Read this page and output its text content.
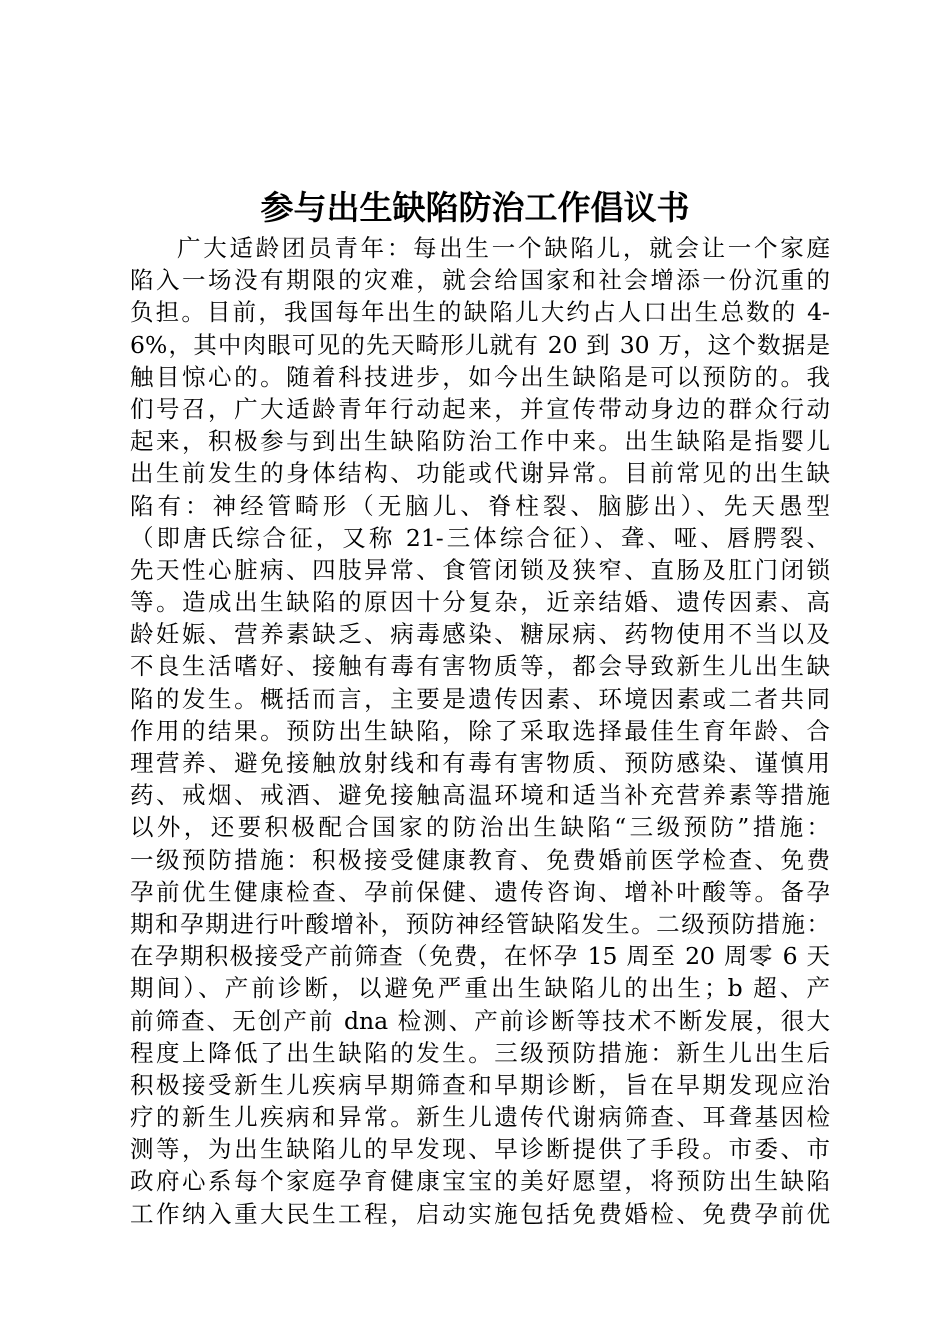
参与出生缺陷防治工作倡议书
广大适龄团员青年：每出生一个缺陷儿，就会让一个家庭
陷入一场没有期限的灾难，就会给国家和社会增添一份沉重的
负担。目前，我国每年出生的缺陷儿大约占人口出生总数的 4-
6%，其中肉眼可见的先天畸形儿就有 20 到 30 万，这个数据是
触目惊心的。随着科技进步，如今出生缺陷是可以预防的。我
们号召，广大适龄青年行动起来，并宣传带动身边的群众行动
起来，积极参与到出生缺陷防治工作中来。出生缺陷是指婴儿
出生前发生的身体结构、功能或代谢异常。目前常见的出生缺
陷有：神经管畸形（无脑儿、脊柱裂、脑膨出）、先天愚型
（即唐氏综合征，又称 21-三体综合征）、聋、哑、唇腭裂、
先天性心脏病、四肢异常、食管闭锁及狭窄、直肠及肛门闭锁
等。造成出生缺陷的原因十分复杂，近亲结婚、遗传因素、高
龄妊娠、营养素缺乏、病毒感染、糖尿病、药物使用不当以及
不良生活嗜好、接触有毒有害物质等，都会导致新生儿出生缺
陷的发生。概括而言，主要是遗传因素、环境因素或二者共同
作用的结果。预防出生缺陷，除了采取选择最佳生育年龄、合
理营养、避免接触放射线和有毒有害物质、预防感染、谨慎用
药、戒烟、戒酒、避免接触高温环境和适当补充营养素等措施
以外，还要积极配合国家的防治出生缺陷“三级预防”措施：
一级预防措施：积极接受健康教育、免费婚前医学检查、免费
孕前优生健康检查、孕前保健、遗传咨询、增补叶酸等。备孕
期和孕期进行叶酸增补，预防神经管缺陷发生。二级预防措施：
在孕期积极接受产前筛查（免费，在怀孕 15 周至 20 周零 6 天
期间）、产前诊断，以避免严重出生缺陷儿的出生；b 超、产
前筛查、无创产前 dna 检测、产前诊断等技术不断发展，很大
程度上降低了出生缺陷的发生。三级预防措施：新生儿出生后
积极接受新生儿疾病早期筛查和早期诊断，旨在早期发现应治
疗的新生儿疾病和异常。新生儿遗传代谢病筛查、耳聋基因检
测等，为出生缺陷儿的早发现、早诊断提供了手段。市委、市
政府心系每个家庭孕育健康宝宝的美好愿望，将预防出生缺陷
工作纳入重大民生工程，启动实施包括免费婚检、免费孕前优
